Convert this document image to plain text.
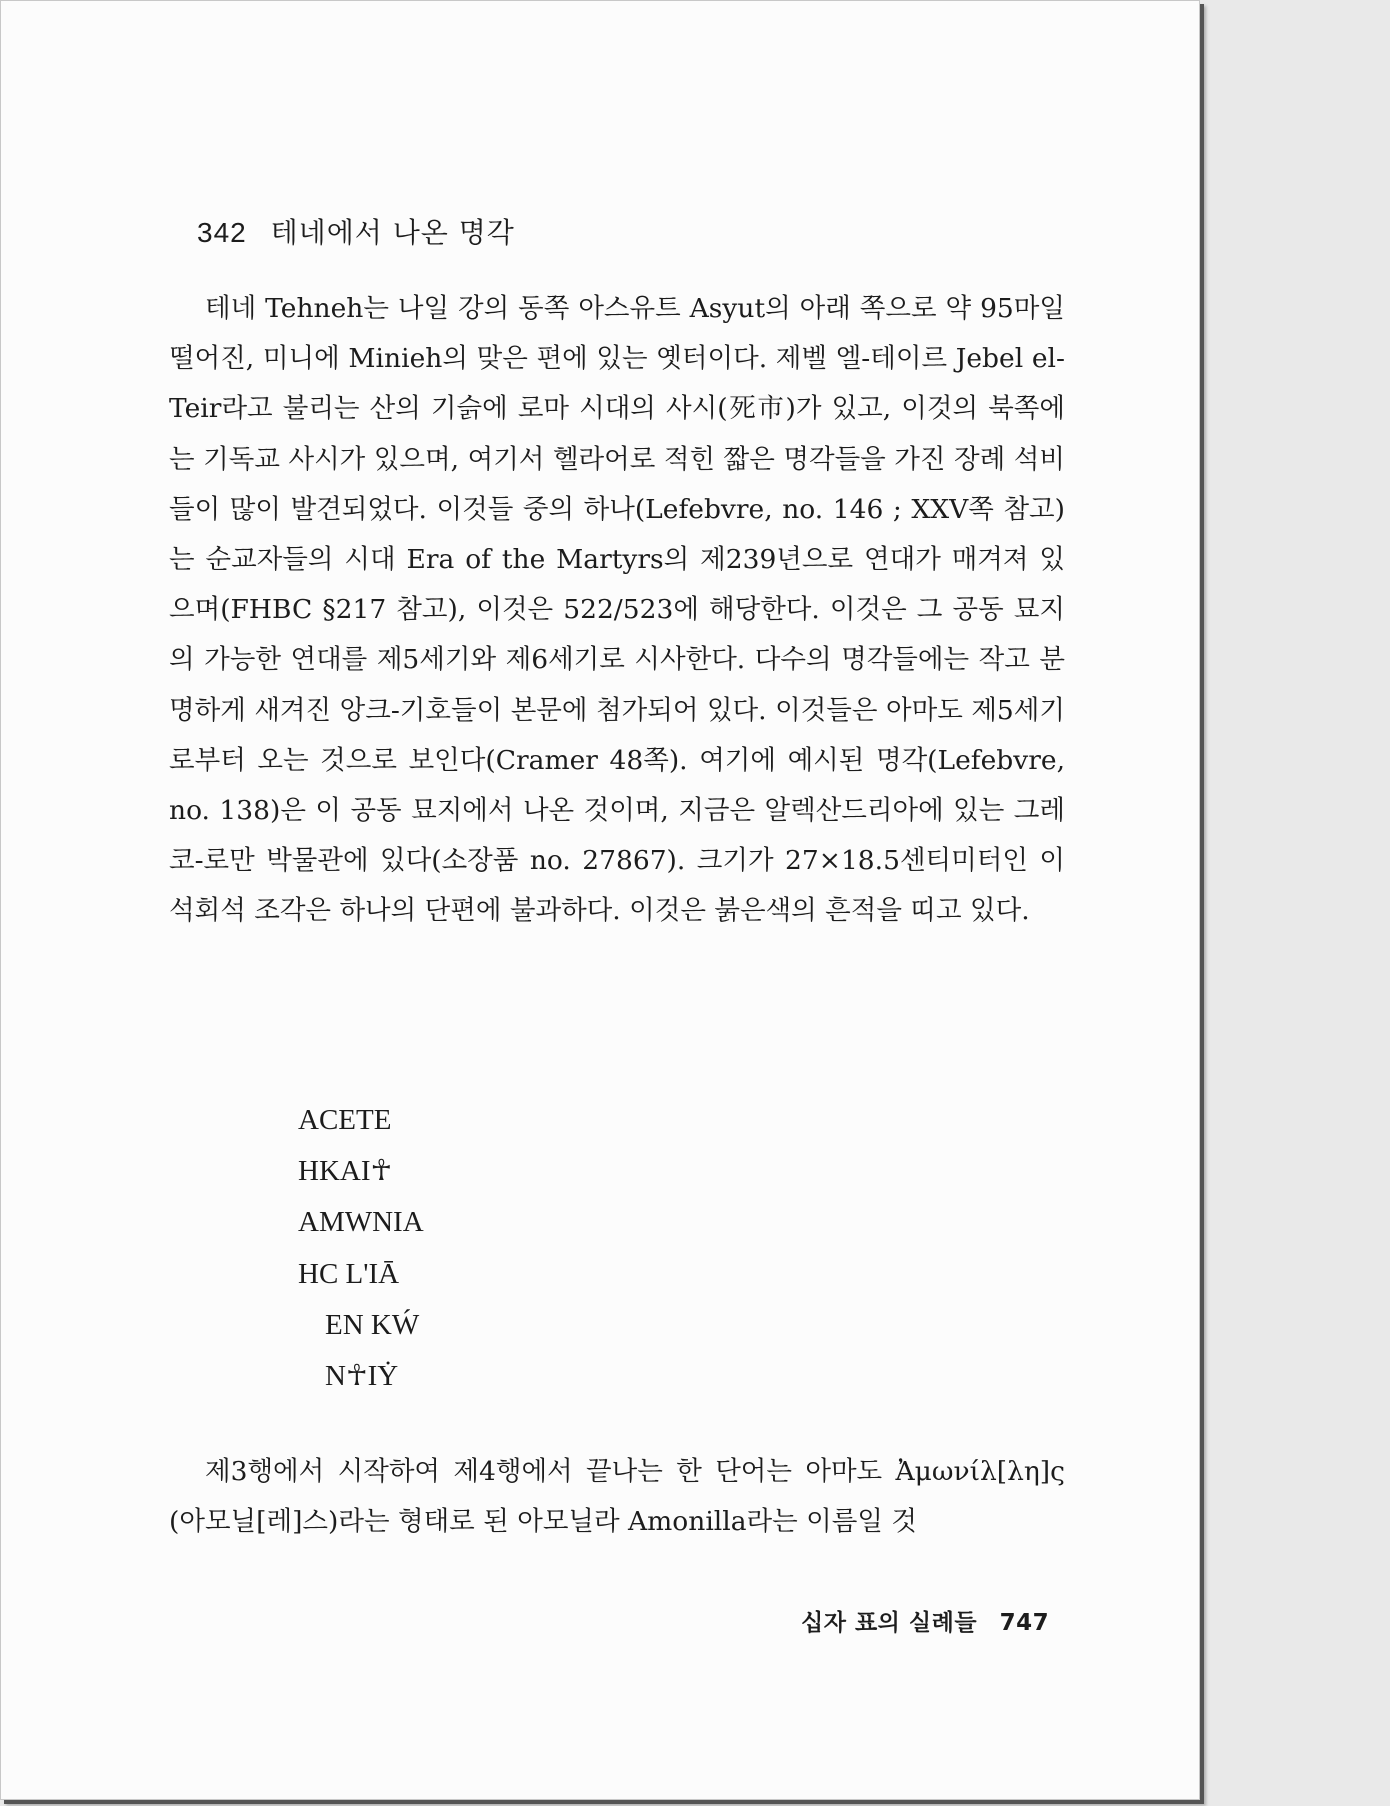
342 테네에서 나온 명각

테네 Tehneh는 나일 강의 동쪽 아스유트 Asyut의 아래 쪽으로 약 95마일 떨어진, 미니에 Minieh의 맞은 편에 있는 옛터이다. 제벨 엘-테이르 Jebel el-Teir라고 불리는 산의 기슭에 로마 시대의 사시(死市)가 있고, 이것의 북쪽에는 기독교 사시가 있으며, 여기서 헬라어로 적힌 짧은 명각들을 가진 장례 석비들이 많이 발견되었다. 이것들 중의 하나(Lefebvre, no. 146 ; XXV쪽 참고)는 순교자들의 시대 Era of the Martyrs의 제239년으로 연대가 매겨져 있으며(FHBC §217 참고), 이것은 522/523에 해당한다. 이것은 그 공동 묘지의 가능한 연대를 제5세기와 제6세기로 시사한다. 다수의 명각들에는 작고 분명하게 새겨진 앙크-기호들이 본문에 첨가되어 있다. 이것들은 아마도 제5세기로부터 오는 것으로 보인다(Cramer 48쪽). 여기에 예시된 명각(Lefebvre, no. 138)은 이 공동 묘지에서 나온 것이며, 지금은 알렉산드리아에 있는 그레코-로만 박물관에 있다(소장품 no. 27867). 크기가 27×18.5센티미터인 이 석회석 조각은 하나의 단편에 불과하다. 이것은 붉은색의 흔적을 띠고 있다.

ACETE
HKAI☥
AMWNIA
HC L'IĀ
EN KẂ
N☥IẎ

제3행에서 시작하여 제4행에서 끝나는 한 단어는 아마도 Ἀμωνίλ[λη]ς (아모닐[레]스)라는 형태로 된 아모닐라 Amonilla라는 이름일 것

십자 표의 실례들 747
